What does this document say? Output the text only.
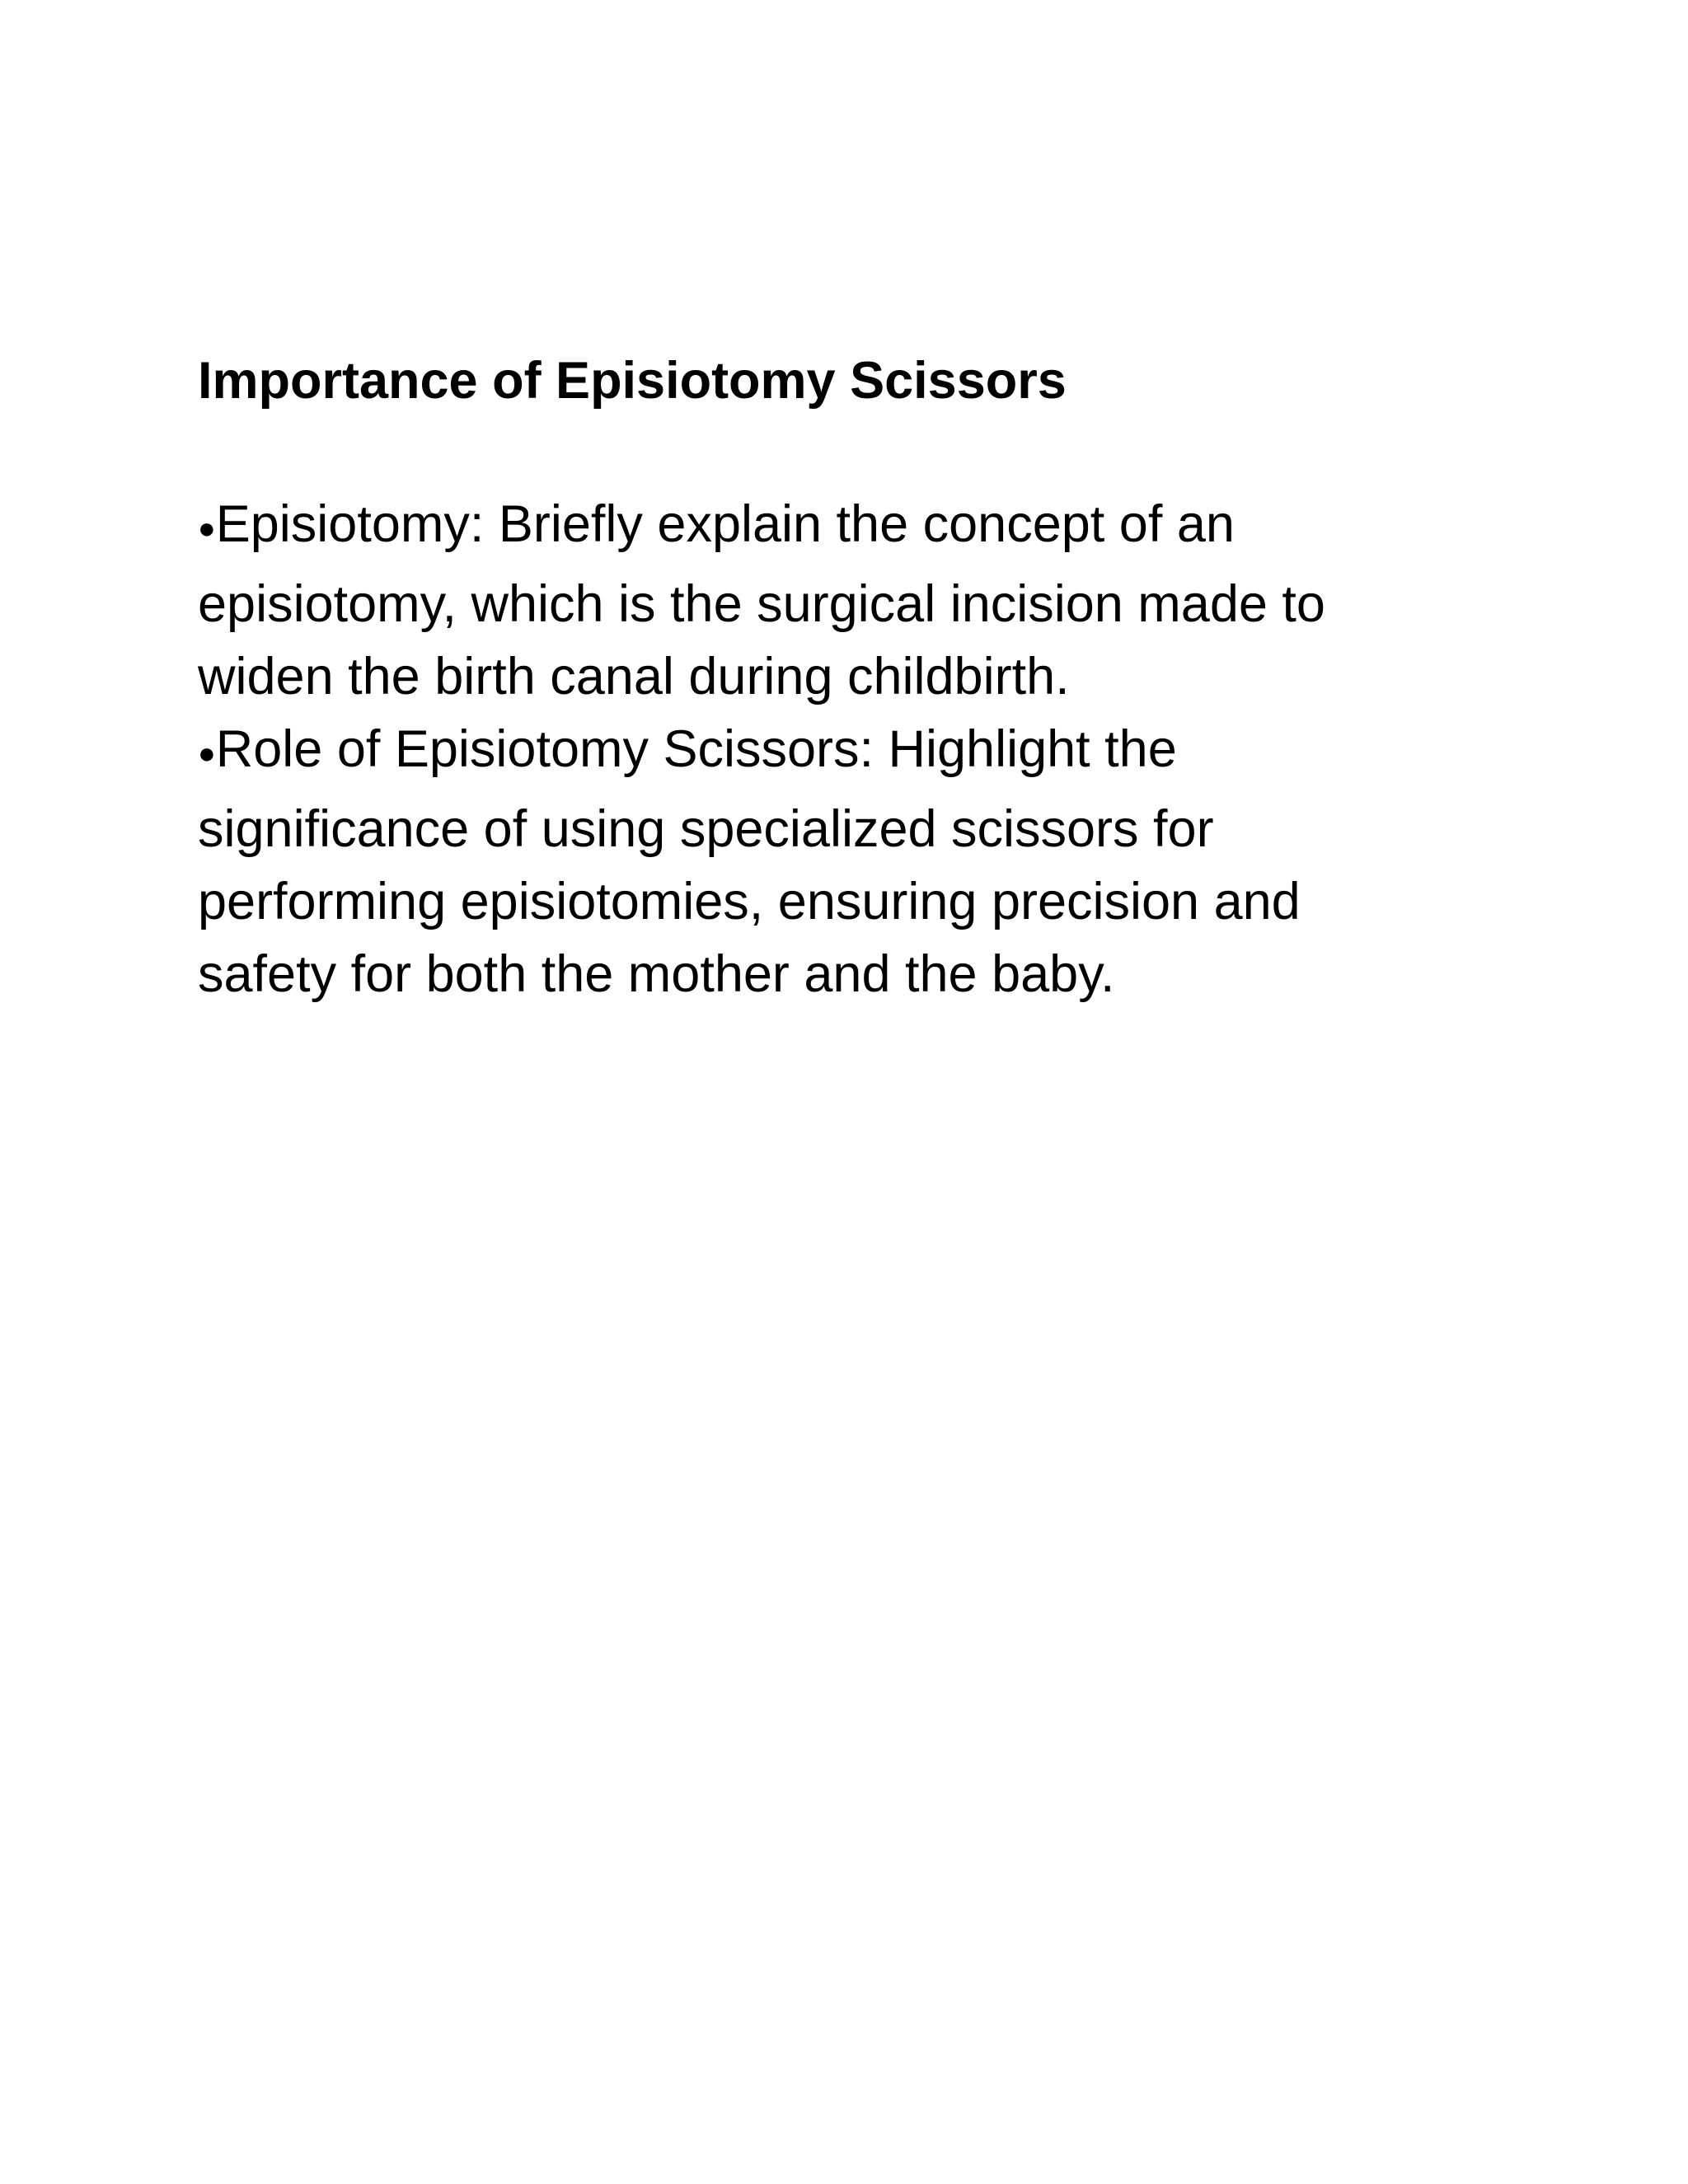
Importance of Episiotomy Scissors

●Episiotomy: Briefly explain the concept of an episiotomy, which is the surgical incision made to widen the birth canal during childbirth.

●Role of Episiotomy Scissors: Highlight the significance of using specialized scissors for performing episiotomies, ensuring precision and safety for both the mother and the baby.
